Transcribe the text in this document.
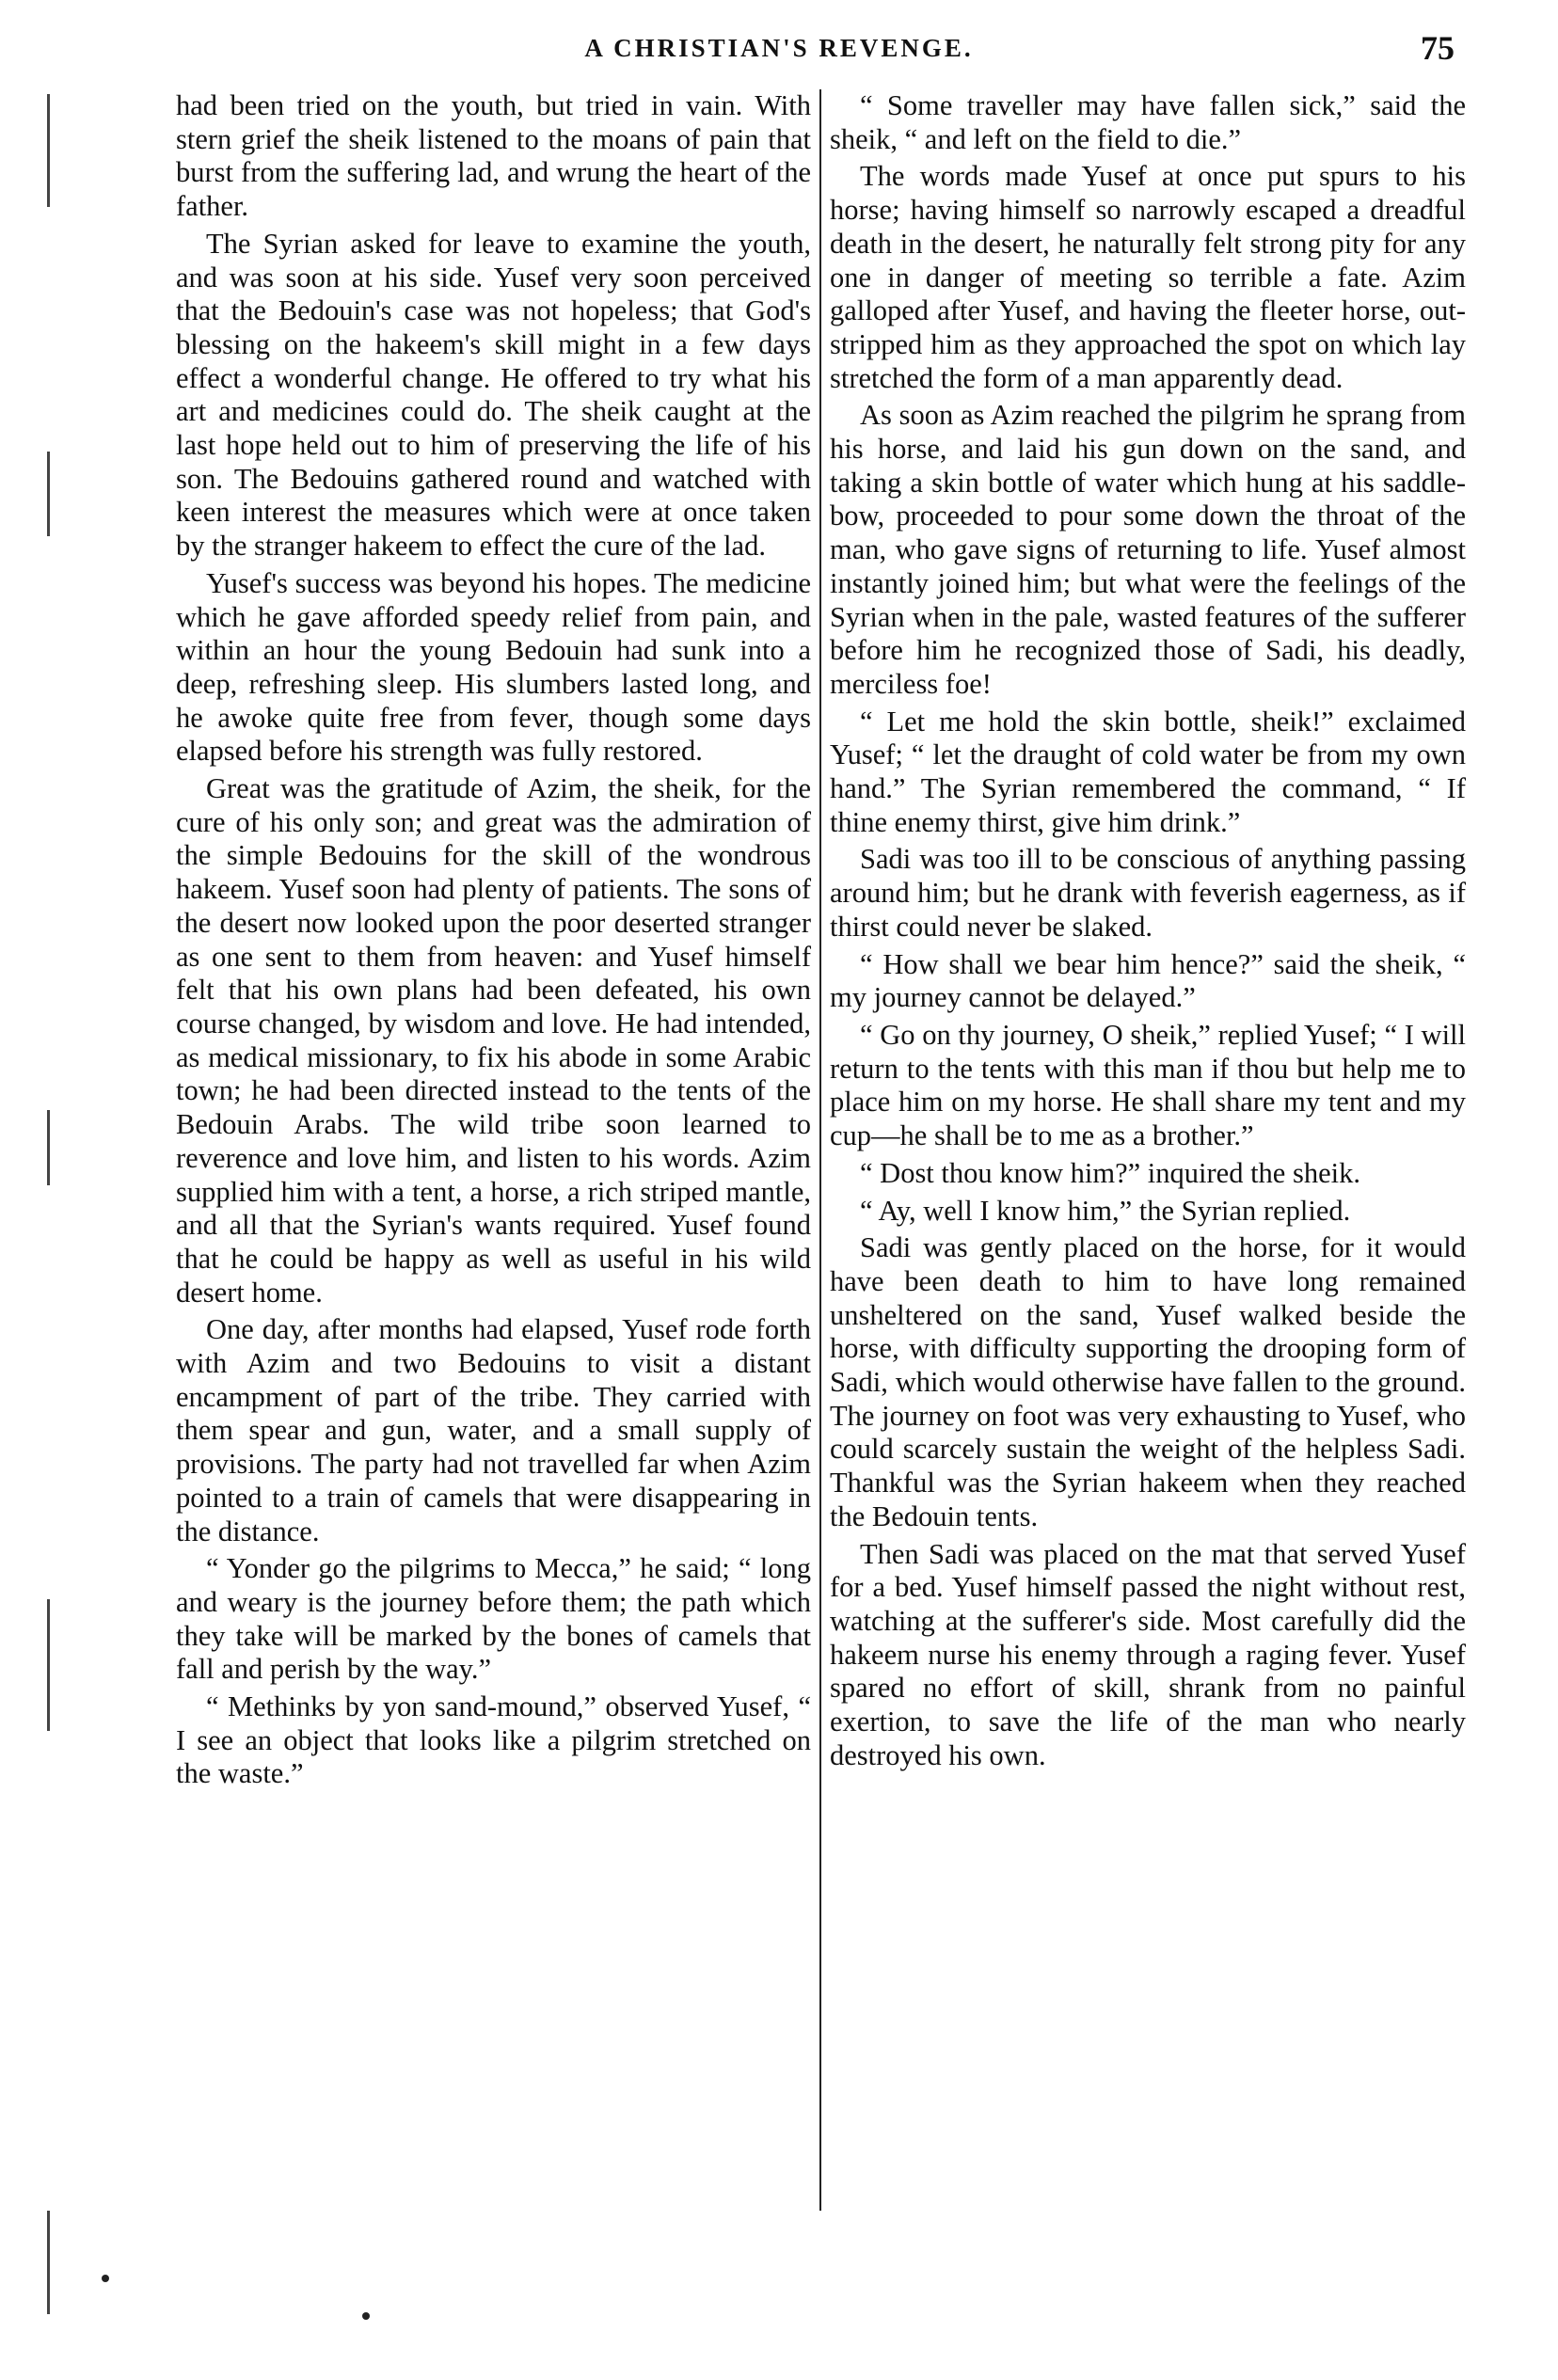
A CHRISTIAN'S REVENGE.	75

had been tried on the youth, but tried in vain. With stern grief the sheik listened to the moans of pain that burst from the suffering lad, and wrung the heart of the father.

The Syrian asked for leave to examine the youth, and was soon at his side. Yusef very soon perceived that the Bedouin's case was not hopeless; that God's blessing on the hakeem's skill might in a few days effect a wonderful change. He offered to try what his art and medicines could do. The sheik caught at the last hope held out to him of preserving the life of his son. The Bedouins gathered round and watched with keen interest the measures which were at once taken by the stranger hakeem to effect the cure of the lad.

Yusef's success was beyond his hopes. The medicine which he gave afforded speedy relief from pain, and within an hour the young Bedouin had sunk into a deep, refreshing sleep. His slumbers lasted long, and he awoke quite free from fever, though some days elapsed before his strength was fully restored.

Great was the gratitude of Azim, the sheik, for the cure of his only son; and great was the admiration of the simple Bedouins for the skill of the wondrous hakeem. Yusef soon had plenty of patients. The sons of the desert now looked upon the poor deserted stranger as one sent to them from heaven: and Yusef himself felt that his own plans had been defeated, his own course changed, by wisdom and love. He had intended, as medical missionary, to fix his abode in some Arabic town; he had been directed instead to the tents of the Bedouin Arabs. The wild tribe soon learned to reverence and love him, and listen to his words. Azim supplied him with a tent, a horse, a rich striped mantle, and all that the Syrian's wants required. Yusef found that he could be happy as well as useful in his wild desert home.

One day, after months had elapsed, Yusef rode forth with Azim and two Bedouins to visit a distant encampment of part of the tribe. They carried with them spear and gun, water, and a small supply of provisions. The party had not travelled far when Azim pointed to a train of camels that were disappearing in the distance.

“ Yonder go the pilgrims to Mecca,” he said; “ long and weary is the journey before them; the path which they take will be marked by the bones of camels that fall and perish by the way.”

“ Methinks by yon sand-mound,” observed Yusef, “ I see an object that looks like a pilgrim stretched on the waste.”

“ Some traveller may have fallen sick,” said the sheik, “ and left on the field to die.”

The words made Yusef at once put spurs to his horse; having himself so narrowly escaped a dreadful death in the desert, he naturally felt strong pity for any one in danger of meeting so terrible a fate. Azim galloped after Yusef, and having the fleeter horse, out-stripped him as they approached the spot on which lay stretched the form of a man apparently dead.

As soon as Azim reached the pilgrim he sprang from his horse, and laid his gun down on the sand, and taking a skin bottle of water which hung at his saddle-bow, proceeded to pour some down the throat of the man, who gave signs of returning to life. Yusef almost instantly joined him; but what were the feelings of the Syrian when in the pale, wasted features of the sufferer before him he recognized those of Sadi, his deadly, merciless foe!

“ Let me hold the skin bottle, sheik!” exclaimed Yusef; “ let the draught of cold water be from my own hand.” The Syrian remembered the command, “ If thine enemy thirst, give him drink.”

Sadi was too ill to be conscious of anything passing around him; but he drank with feverish eagerness, as if thirst could never be slaked.

“ How shall we bear him hence?” said the sheik, “ my journey cannot be delayed.”

“ Go on thy journey, O sheik,” replied Yusef; “ I will return to the tents with this man if thou but help me to place him on my horse. He shall share my tent and my cup—he shall be to me as a brother.”

“ Dost thou know him?” inquired the sheik.

“ Ay, well I know him,” the Syrian replied.

Sadi was gently placed on the horse, for it would have been death to him to have long remained unsheltered on the sand, Yusef walked beside the horse, with difficulty supporting the drooping form of Sadi, which would otherwise have fallen to the ground. The journey on foot was very exhausting to Yusef, who could scarcely sustain the weight of the helpless Sadi. Thankful was the Syrian hakeem when they reached the Bedouin tents.

Then Sadi was placed on the mat that served Yusef for a bed. Yusef himself passed the night without rest, watching at the sufferer's side. Most carefully did the hakeem nurse his enemy through a raging fever. Yusef spared no effort of skill, shrank from no painful exertion, to save the life of the man who nearly destroyed his own.
